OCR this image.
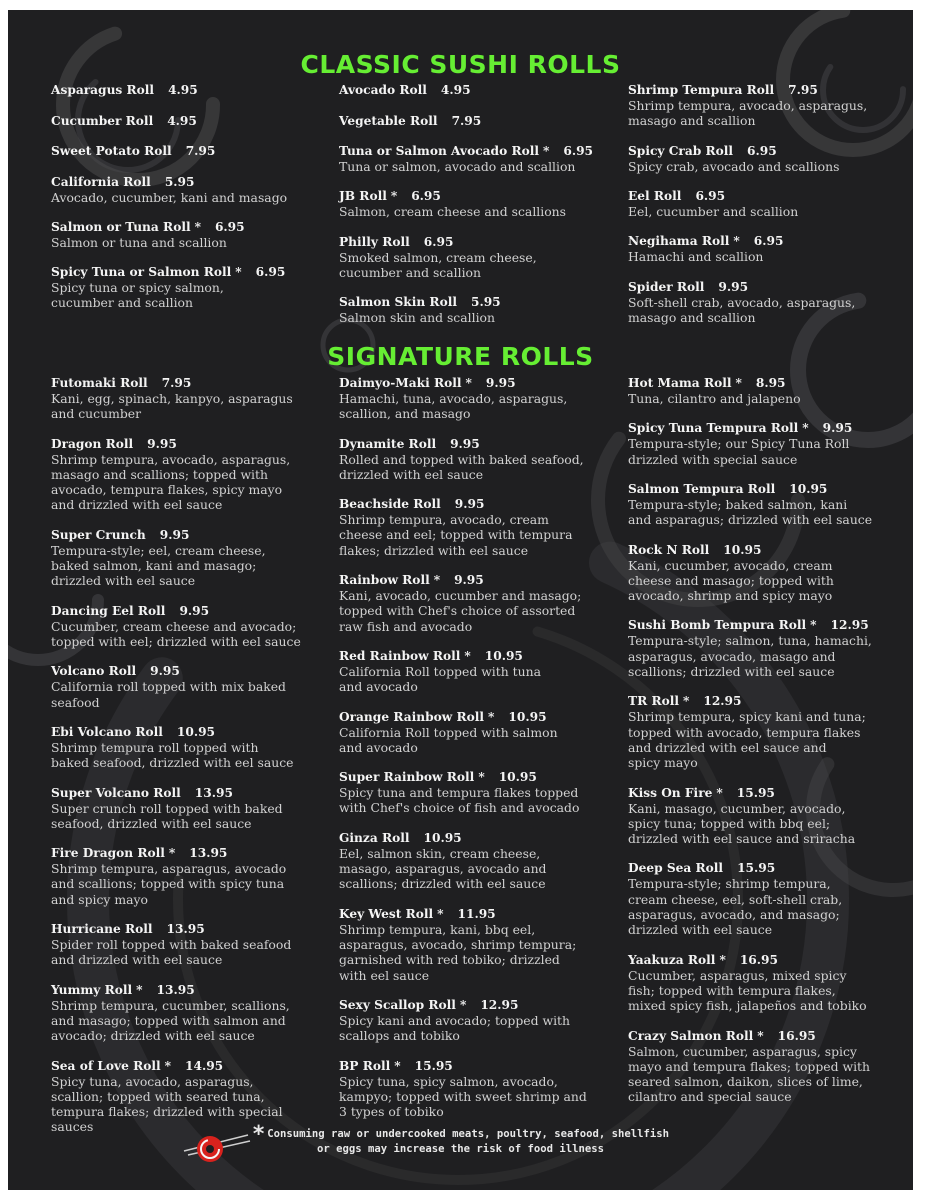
CLASSIC SUSHI ROLLS
Asparagus Roll 4.95
Cucumber Roll 4.95
Sweet Potato Roll 7.95
California Roll 5.95
Avocado, cucumber, kani and masago
Salmon or Tuna Roll * 6.95
Salmon or tuna and scallion
Spicy Tuna or Salmon Roll * 6.95
Spicy tuna or spicy salmon,
cucumber and scallion
Avocado Roll 4.95
Vegetable Roll 7.95
Tuna or Salmon Avocado Roll * 6.95
Tuna or salmon, avocado and scallion
JB Roll * 6.95
Salmon, cream cheese and scallions
Philly Roll 6.95
Smoked salmon, cream cheese,
cucumber and scallion
Salmon Skin Roll 5.95
Salmon skin and scallion
Shrimp Tempura Roll 7.95
Shrimp tempura, avocado, asparagus,
masago and scallion
Spicy Crab Roll 6.95
Spicy crab, avocado and scallions
Eel Roll 6.95
Eel, cucumber and scallion
Negihama Roll * 6.95
Hamachi and scallion
Spider Roll 9.95
Soft-shell crab, avocado, asparagus,
masago and scallion
SIGNATURE ROLLS
Futomaki Roll 7.95
Kani, egg, spinach, kanpyo, asparagus
and cucumber
Dragon Roll 9.95
Shrimp tempura, avocado, asparagus,
masago and scallions; topped with
avocado, tempura flakes, spicy mayo
and drizzled with eel sauce
Super Crunch 9.95
Tempura-style; eel, cream cheese,
baked salmon, kani and masago;
drizzled with eel sauce
Dancing Eel Roll 9.95
Cucumber, cream cheese and avocado;
topped with eel; drizzled with eel sauce
Volcano Roll 9.95
California roll topped with mix baked
seafood
Ebi Volcano Roll 10.95
Shrimp tempura roll topped with
baked seafood, drizzled with eel sauce
Super Volcano Roll 13.95
Super crunch roll topped with baked
seafood, drizzled with eel sauce
Fire Dragon Roll * 13.95
Shrimp tempura, asparagus, avocado
and scallions; topped with spicy tuna
and spicy mayo
Hurricane Roll 13.95
Spider roll topped with baked seafood
and drizzled with eel sauce
Yummy Roll * 13.95
Shrimp tempura, cucumber, scallions,
and masago; topped with salmon and
avocado; drizzled with eel sauce
Sea of Love Roll * 14.95
Spicy tuna, avocado, asparagus,
scallion; topped with seared tuna,
tempura flakes; drizzled with special
sauces
Daimyo-Maki Roll * 9.95
Hamachi, tuna, avocado, asparagus,
scallion, and masago
Dynamite Roll 9.95
Rolled and topped with baked seafood,
drizzled with eel sauce
Beachside Roll 9.95
Shrimp tempura, avocado, cream
cheese and eel; topped with tempura
flakes; drizzled with eel sauce
Rainbow Roll * 9.95
Kani, avocado, cucumber and masago;
topped with Chef's choice of assorted
raw fish and avocado
Red Rainbow Roll * 10.95
California Roll topped with tuna
and avocado
Orange Rainbow Roll * 10.95
California Roll topped with salmon
and avocado
Super Rainbow Roll * 10.95
Spicy tuna and tempura flakes topped
with Chef's choice of fish and avocado
Ginza Roll 10.95
Eel, salmon skin, cream cheese,
masago, asparagus, avocado and
scallions; drizzled with eel sauce
Key West Roll * 11.95
Shrimp tempura, kani, bbq eel,
asparagus, avocado, shrimp tempura;
garnished with red tobiko; drizzled
with eel sauce
Sexy Scallop Roll * 12.95
Spicy kani and avocado; topped with
scallops and tobiko
BP Roll * 15.95
Spicy tuna, spicy salmon, avocado,
kampyo; topped with sweet shrimp and
3 types of tobiko
Hot Mama Roll * 8.95
Tuna, cilantro and jalapeno
Spicy Tuna Tempura Roll * 9.95
Tempura-style; our Spicy Tuna Roll
drizzled with special sauce
Salmon Tempura Roll 10.95
Tempura-style; baked salmon, kani
and asparagus; drizzled with eel sauce
Rock N Roll 10.95
Kani, cucumber, avocado, cream
cheese and masago; topped with
avocado, shrimp and spicy mayo
Sushi Bomb Tempura Roll * 12.95
Tempura-style; salmon, tuna, hamachi,
asparagus, avocado, masago and
scallions; drizzled with eel sauce
TR Roll * 12.95
Shrimp tempura, spicy kani and tuna;
topped with avocado, tempura flakes
and drizzled with eel sauce and
spicy mayo
Kiss On Fire * 15.95
Kani, masago, cucumber, avocado,
spicy tuna; topped with bbq eel;
drizzled with eel sauce and sriracha
Deep Sea Roll 15.95
Tempura-style; shrimp tempura,
cream cheese, eel, soft-shell crab,
asparagus, avocado, and masago;
drizzled with eel sauce
Yaakuza Roll * 16.95
Cucumber, asparagus, mixed spicy
fish; topped with tempura flakes,
mixed spicy fish, jalapeños and tobiko
Crazy Salmon Roll * 16.95
Salmon, cucumber, asparagus, spicy
mayo and tempura flakes; topped with
seared salmon, daikon, slices of lime,
cilantro and special sauce
* Consuming raw or undercooked meats, poultry, seafood, shellfish
or eggs may increase the risk of food illness
